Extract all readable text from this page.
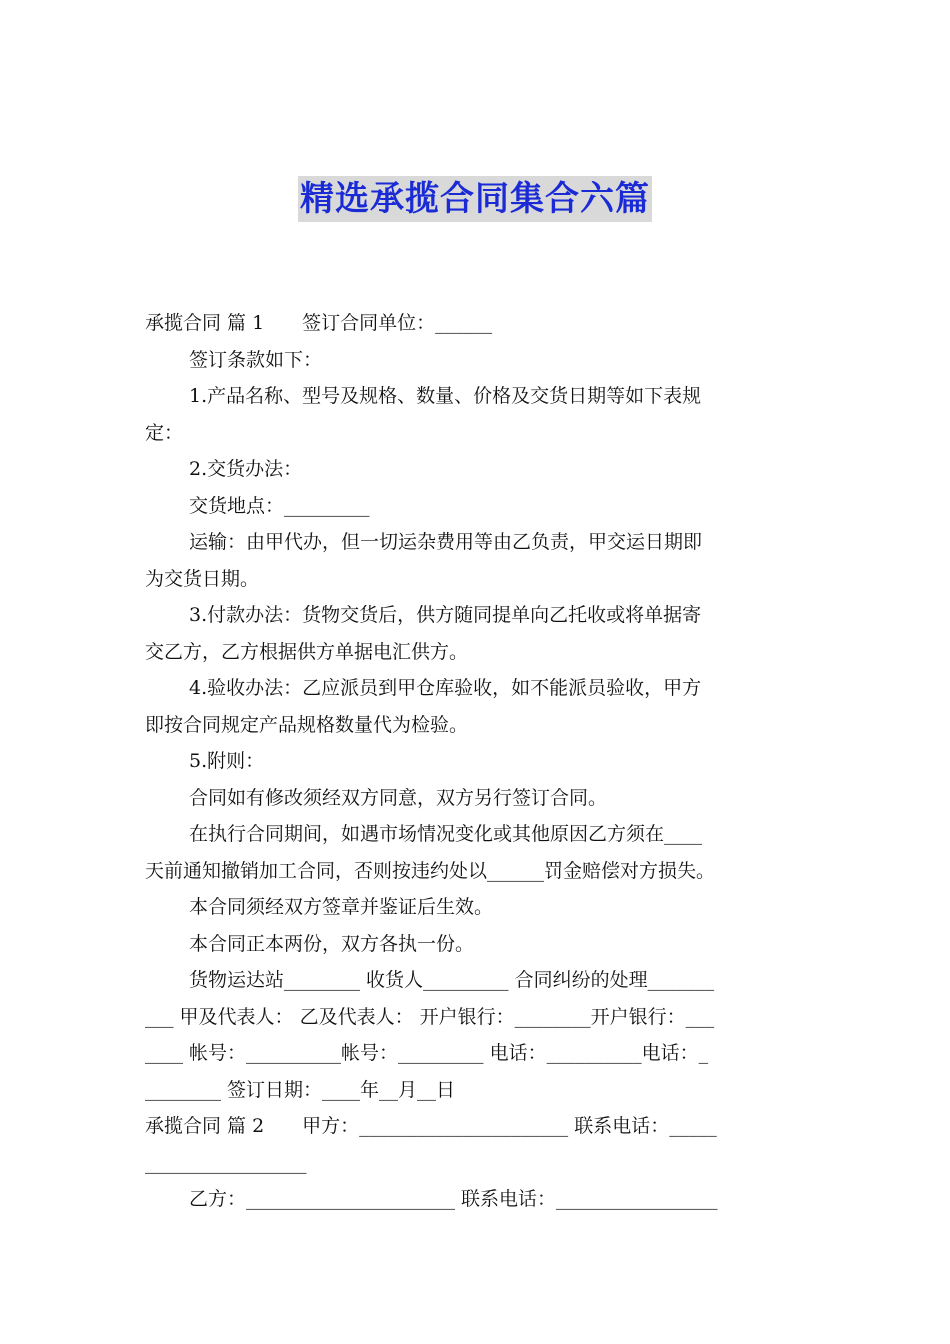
精选承揽合同集合六篇
承揽合同 篇 1 签订合同单位：______
签订条款如下：
1.产品名称、型号及规格、数量、价格及交货日期等如下表规
定：
2.交货办法：
交货地点：_________
运输：由甲代办，但一切运杂费用等由乙负责，甲交运日期即
为交货日期。
3.付款办法：货物交货后，供方随同提单向乙托收或将单据寄
交乙方，乙方根据供方单据电汇供方。
4.验收办法：乙应派员到甲仓库验收，如不能派员验收，甲方
即按合同规定产品规格数量代为检验。
5.附则：
合同如有修改须经双方同意，双方另行签订合同。
在执行合同期间，如遇市场情况变化或其他原因乙方须在____
天前通知撤销加工合同，否则按违约处以______罚金赔偿对方损失。
本合同须经双方签章并鉴证后生效。
本合同正本两份，双方各执一份。
货物运达站________ 收货人_________ 合同纠纷的处理_______
___ 甲及代表人： 乙及代表人： 开户银行：________开户银行：___
____ 帐号：__________帐号：_________ 电话：__________电话：_
________ 签订日期：____年__月__日
承揽合同 篇 2 甲方：______________________ 联系电话：_____
_________________
乙方：______________________ 联系电话：_________________
